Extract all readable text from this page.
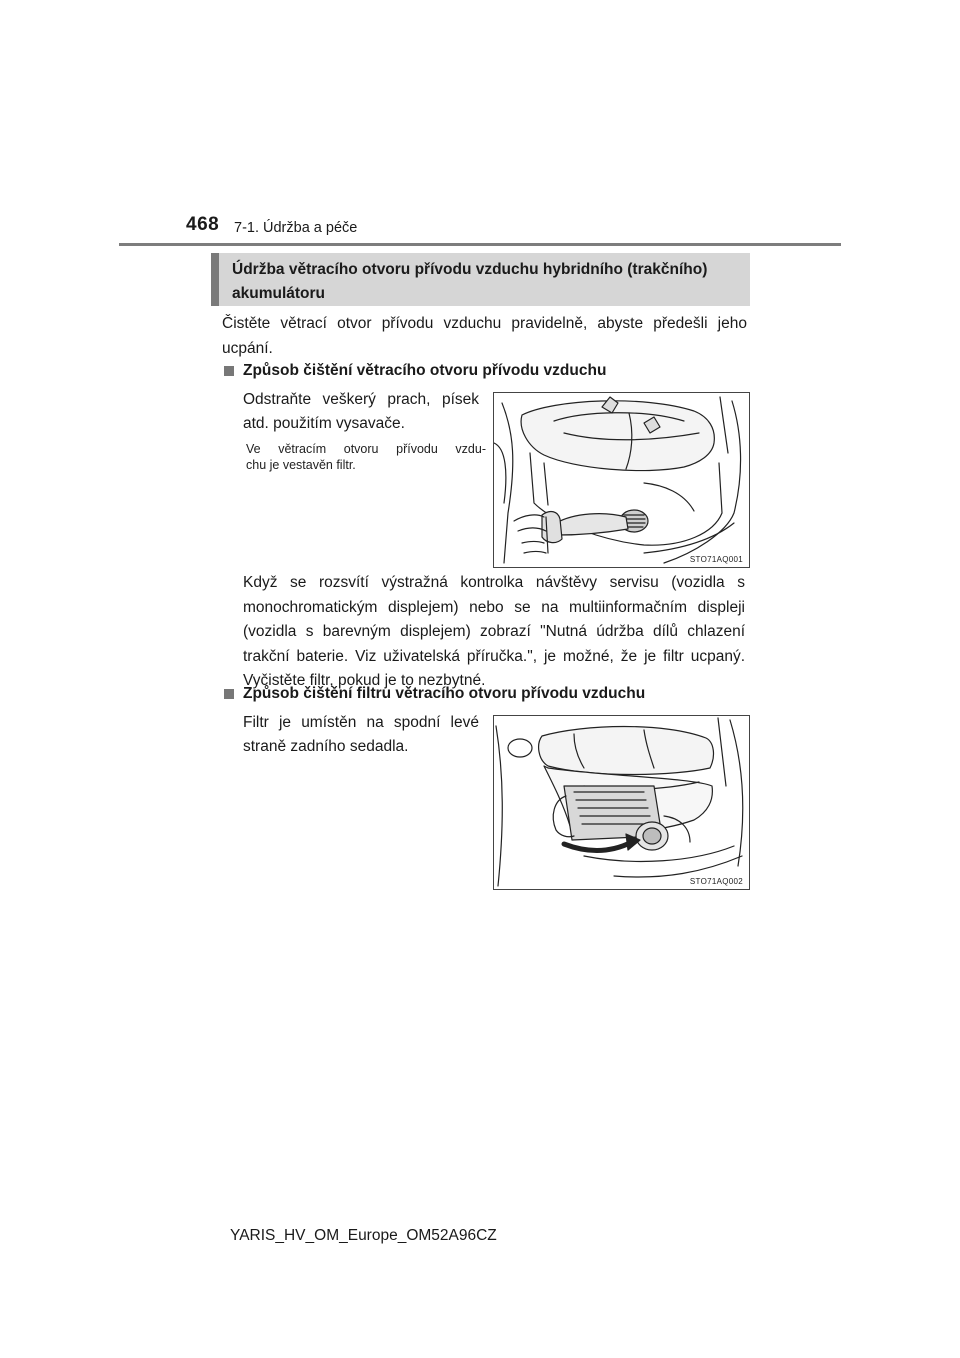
468 7-1. Údržba a péče
Údržba větracího otvoru přívodu vzduchu hybridního (trakčního)
akumulátoru
Čistěte větrací otvor přívodu vzduchu pravidelně, abyste předešli jeho ucpání.
Způsob čištění větracího otvoru přívodu vzduchu
Odstraňte veškerý prach, písek
atd. použitím vysavače.
Ve větracím otvoru přívodu vzdu-
chu je vestavěn filtr.
STO71AQ001
Když se rozsvítí výstražná kontrolka návštěvy servisu (vozidla s monochromatickým displejem) nebo se na multiinformačním displeji (vozidla s barevným displejem) zobrazí "Nutná údržba dílů chlazení trakční baterie. Viz uživatelská příručka.", je možné, že je filtr ucpaný. Vyčistěte filtr, pokud je to nezbytné.
Způsob čištění filtru větracího otvoru přívodu vzduchu
Filtr je umístěn na spodní levé
straně zadního sedadla.
STO71AQ002
YARIS_HV_OM_Europe_OM52A96CZ
